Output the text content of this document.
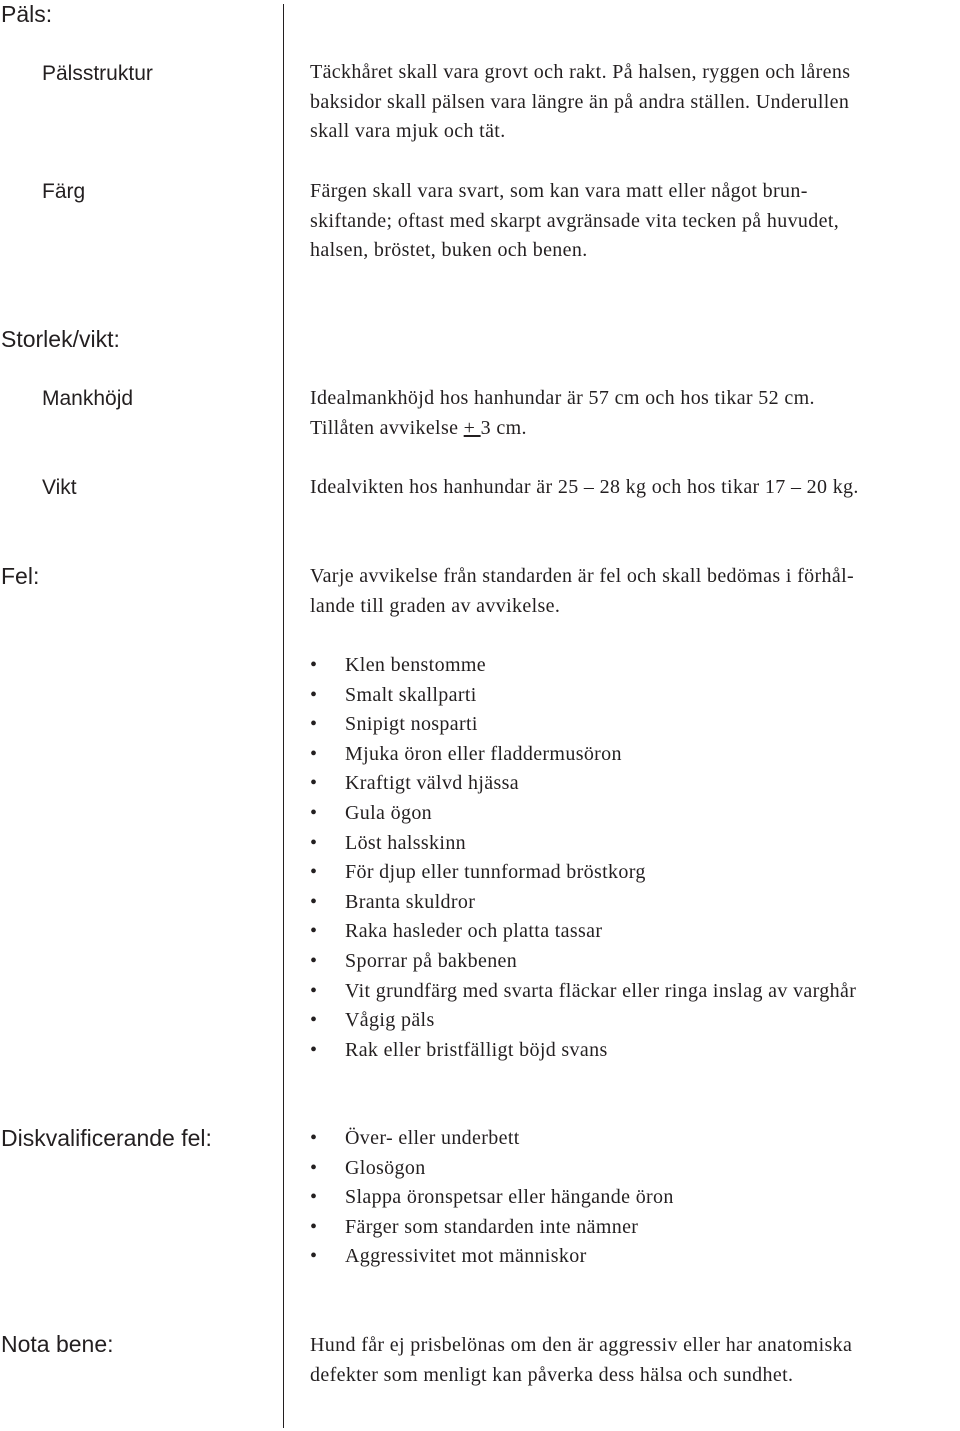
Päls:
Pälsstruktur	Täckhåret skall vara grovt och rakt. På halsen, ryggen och lårens
baksidor skall pälsen vara längre än på andra ställen. Underullen
skall vara mjuk och tät.
Färg	Färgen skall vara svart, som kan vara matt eller något brun-
skiftande; oftast med skarpt avgränsade vita tecken på huvudet,
halsen, bröstet, buken och benen.
Storlek/vikt:
Mankhöjd	Idealmankhöjd hos hanhundar är 57 cm och hos tikar 52 cm.
Tillåten avvikelse + 3 cm.
Vikt	Idealvikten hos hanhundar är 25 – 28 kg och hos tikar 17 – 20 kg.
Fel:	Varje avvikelse från standarden är fel och skall bedömas i förhål-
lande till graden av avvikelse.
• Klen benstomme
• Smalt skallparti
• Snipigt nosparti
• Mjuka öron eller fladdermusöron
• Kraftigt välvd hjässa
• Gula ögon
• Löst halsskinn
• För djup eller tunnformad bröstkorg
• Branta skuldror
• Raka hasleder och platta tassar
• Sporrar på bakbenen
• Vit grundfärg med svarta fläckar eller ringa inslag av varghår
• Vågig päls
• Rak eller bristfälligt böjd svans
Diskvalificerande fel:	• Över- eller underbett
• Glosögon
• Slappa öronspetsar eller hängande öron
• Färger som standarden inte nämner
• Aggressivitet mot människor
Nota bene:	Hund får ej prisbelönas om den är aggressiv eller har anatomiska
defekter som menligt kan påverka dess hälsa och sundhet.
